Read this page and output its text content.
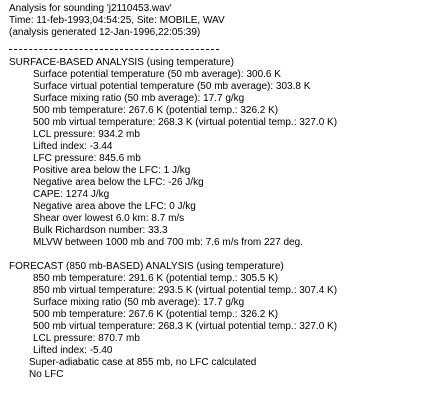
Analysis for sounding 'j2110453.wav'
Time: 11-feb-1993,04:54:25, Site: MOBILE, WAV
(analysis generated 12-Jan-1996,22:05:39)
SURFACE-BASED ANALYSIS (using temperature)
Surface potential temperature (50 mb average): 300.6 K
Surface virtual potential temperature (50 mb average): 303.8 K
Surface mixing ratio (50 mb average): 17.7 g/kg
500 mb temperature: 267.6 K (potential temp.: 326.2 K)
500 mb virtual temperature: 268.3 K (virtual potential temp.: 327.0 K)
LCL pressure: 934.2 mb
Lifted index: -3.44
LFC pressure: 845.6 mb
Positive area below the LFC: 1 J/kg
Negative area below the LFC: -26 J/kg
CAPE: 1274 J/kg
Negative area above the LFC: 0 J/kg
Shear over lowest 6.0 km: 8.7 m/s
Bulk Richardson number: 33.3
MLVW between 1000 mb and 700 mb: 7.6 m/s from 227 deg.
FORECAST (850 mb-BASED) ANALYSIS (using temperature)
850 mb temperature: 291.6 K (potential temp.: 305.5 K)
850 mb virtual temperature: 293.5 K (virtual potential temp.: 307.4 K)
Surface mixing ratio (50 mb average): 17.7 g/kg
500 mb temperature: 267.6 K (potential temp.: 326.2 K)
500 mb virtual temperature: 268.3 K (virtual potential temp.: 327.0 K)
LCL pressure: 870.7 mb
Lifted index: -5.40
Super-adiabatic case at 855 mb, no LFC calculated
No LFC
